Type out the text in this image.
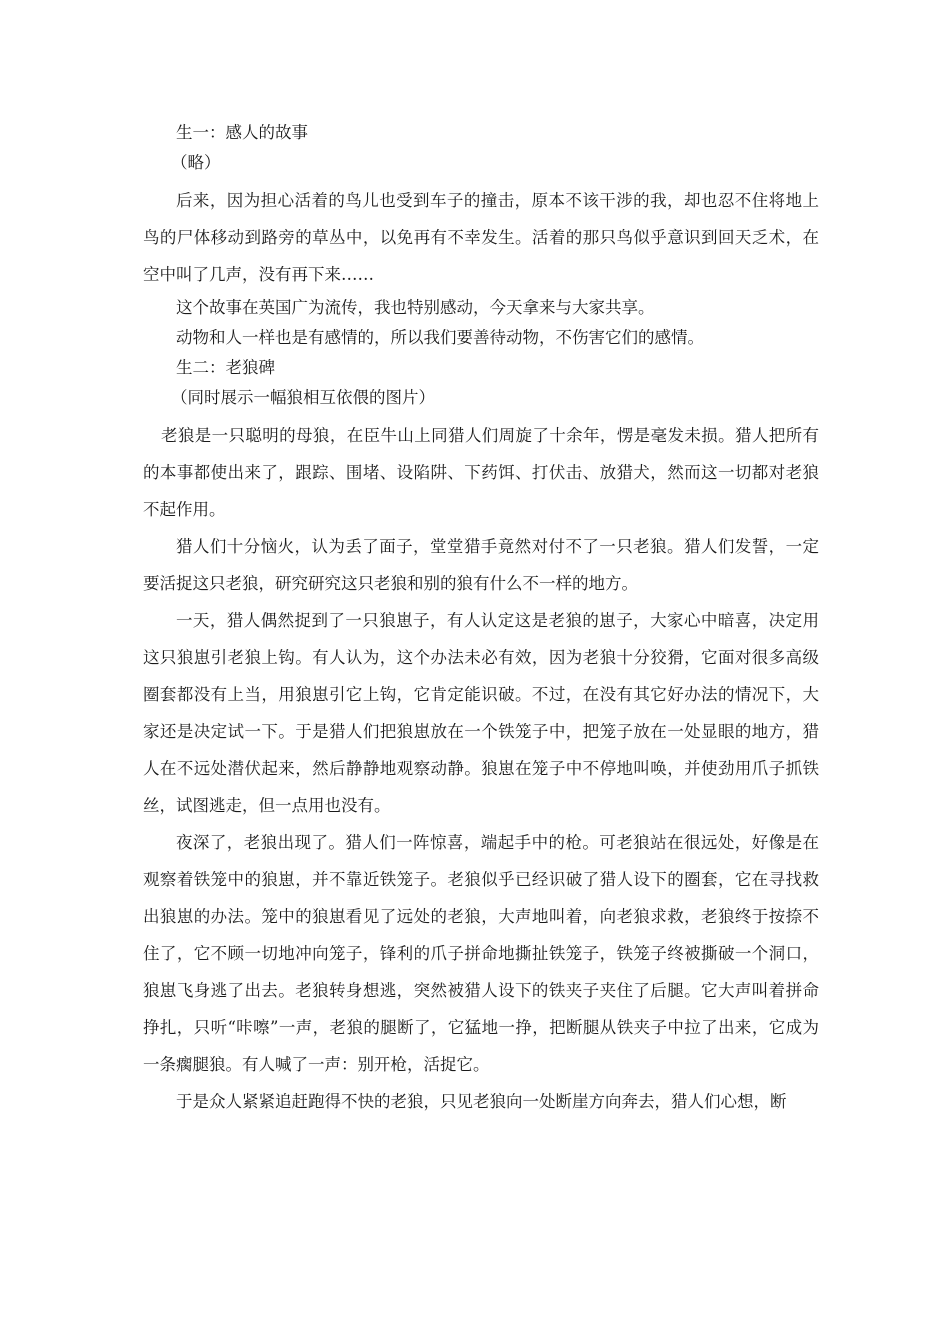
生一：感人的故事

（略）

后来，因为担心活着的鸟儿也受到车子的撞击，原本不该干涉的我，却也忍不住将地上鸟的尸体移动到路旁的草丛中，以免再有不幸发生。活着的那只鸟似乎意识到回天乏术，在空中叫了几声，没有再下来……

这个故事在英国广为流传，我也特别感动，今天拿来与大家共享。

动物和人一样也是有感情的，所以我们要善待动物，不伤害它们的感情。

生二：老狼碑

（同时展示一幅狼相互依偎的图片）

老狼是一只聪明的母狼，在臣牛山上同猎人们周旋了十余年，愣是毫发未损。猎人把所有的本事都使出来了，跟踪、围堵、设陷阱、下药饵、打伏击、放猎犬，然而这一切都对老狼不起作用。

猎人们十分恼火，认为丢了面子，堂堂猎手竟然对付不了一只老狼。猎人们发誓，一定要活捉这只老狼，研究研究这只老狼和别的狼有什么不一样的地方。

一天，猎人偶然捉到了一只狼崽子，有人认定这是老狼的崽子，大家心中暗喜，决定用这只狼崽引老狼上钩。有人认为，这个办法未必有效，因为老狼十分狡猾，它面对很多高级圈套都没有上当，用狼崽引它上钩，它肯定能识破。不过，在没有其它好办法的情况下，大家还是决定试一下。于是猎人们把狼崽放在一个铁笼子中，把笼子放在一处显眼的地方，猎人在不远处潜伏起来，然后静静地观察动静。狼崽在笼子中不停地叫唤，并使劲用爪子抓铁丝，试图逃走，但一点用也没有。

夜深了，老狼出现了。猎人们一阵惊喜，端起手中的枪。可老狼站在很远处，好像是在观察着铁笼中的狼崽，并不靠近铁笼子。老狼似乎已经识破了猎人设下的圈套，它在寻找救出狼崽的办法。笼中的狼崽看见了远处的老狼，大声地叫着，向老狼求救，老狼终于按捺不住了，它不顾一切地冲向笼子，锋利的爪子拼命地撕扯铁笼子，铁笼子终被撕破一个洞口，狼崽飞身逃了出去。老狼转身想逃，突然被猎人设下的铁夹子夹住了后腿。它大声叫着拼命挣扎，只听“咔嚓”一声，老狼的腿断了，它猛地一挣，把断腿从铁夹子中拉了出来，它成为一条瘸腿狼。有人喊了一声：别开枪，活捉它。

于是众人紧紧追赶跑得不快的老狼，只见老狼向一处断崖方向奔去，猎人们心想，断
